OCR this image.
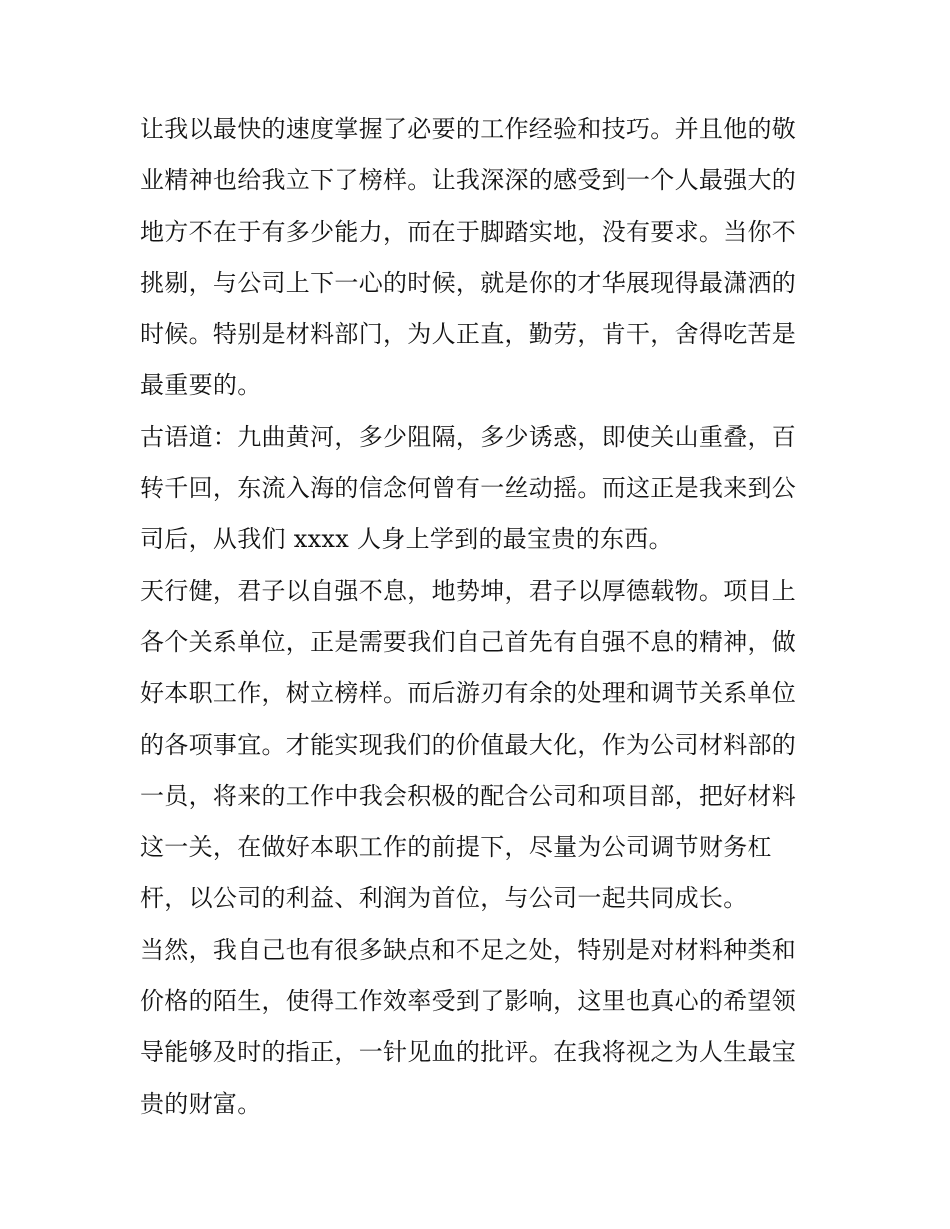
让我以最快的速度掌握了必要的工作经验和技巧。并且他的敬
业精神也给我立下了榜样。让我深深的感受到一个人最强大的
地方不在于有多少能力，而在于脚踏实地，没有要求。当你不
挑剔，与公司上下一心的时候，就是你的才华展现得最潇洒的
时候。特别是材料部门，为人正直，勤劳，肯干，舍得吃苦是
最重要的。
古语道：九曲黄河，多少阻隔，多少诱惑，即使关山重叠，百
转千回，东流入海的信念何曾有一丝动摇。而这正是我来到公
司后，从我们 xxxx 人身上学到的最宝贵的东西。
天行健，君子以自强不息，地势坤，君子以厚德载物。项目上
各个关系单位，正是需要我们自己首先有自强不息的精神，做
好本职工作，树立榜样。而后游刃有余的处理和调节关系单位
的各项事宜。才能实现我们的价值最大化，作为公司材料部的
一员，将来的工作中我会积极的配合公司和项目部，把好材料
这一关，在做好本职工作的前提下，尽量为公司调节财务杠
杆，以公司的利益、利润为首位，与公司一起共同成长。
当然，我自己也有很多缺点和不足之处，特别是对材料种类和
价格的陌生，使得工作效率受到了影响，这里也真心的希望领
导能够及时的指正，一针见血的批评。在我将视之为人生最宝
贵的财富。
